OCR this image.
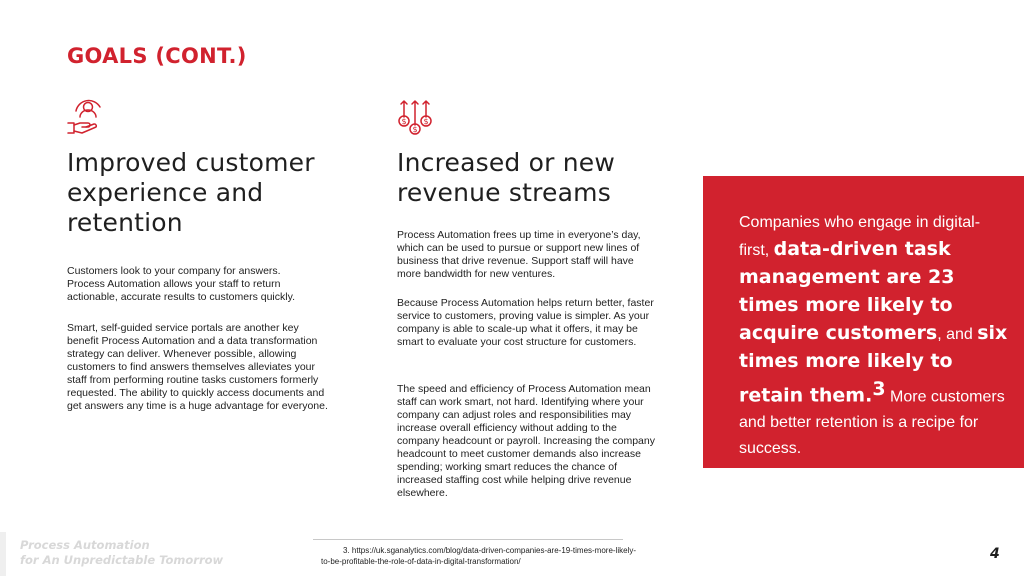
GOALS (CONT.)
$ $
$
Improved customer
experience and
retention

Customers look to your company for answers. Process Automation allows your staff to return actionable, accurate results to customers quickly.

Smart, self-guided service portals are another key benefit Process Automation and a data transformation strategy can deliver. Whenever possible, allowing customers to find answers themselves alleviates your staff from performing routine tasks customers formerly requested. The ability to quickly access documents and get answers any time is a huge advantage for everyone.

Increased or new
revenue streams

Process Automation frees up time in everyone’s day, which can be used to pursue or support new lines of business that drive revenue. Support staff will have more bandwidth for new ventures.

Because Process Automation helps return better, faster service to customers, proving value is simpler. As your company is able to scale-up what it offers, it may be smart to evaluate your cost structure for customers.

The speed and efficiency of Process Automation mean staff can work smart, not hard. Identifying where your company can adjust roles and responsibilities may increase overall efficiency without adding to the company headcount or payroll. Increasing the company headcount to meet customer demands also increase spending; working smart reduces the chance of increased staffing cost while helping drive revenue elsewhere.

Companies who engage in digital-first, data-driven task management are 23 times more likely to acquire customers, and six times more likely to retain them.$^3$ More customers and better retention is a recipe for success.
3. https://uk.sganalytics.com/blog/data-driven-companies-are-19-times-more-likely-to-be-profitable-the-role-of-data-in-digital-transformation/
Process Automation
for An Unpredictable Tomorrow	4
